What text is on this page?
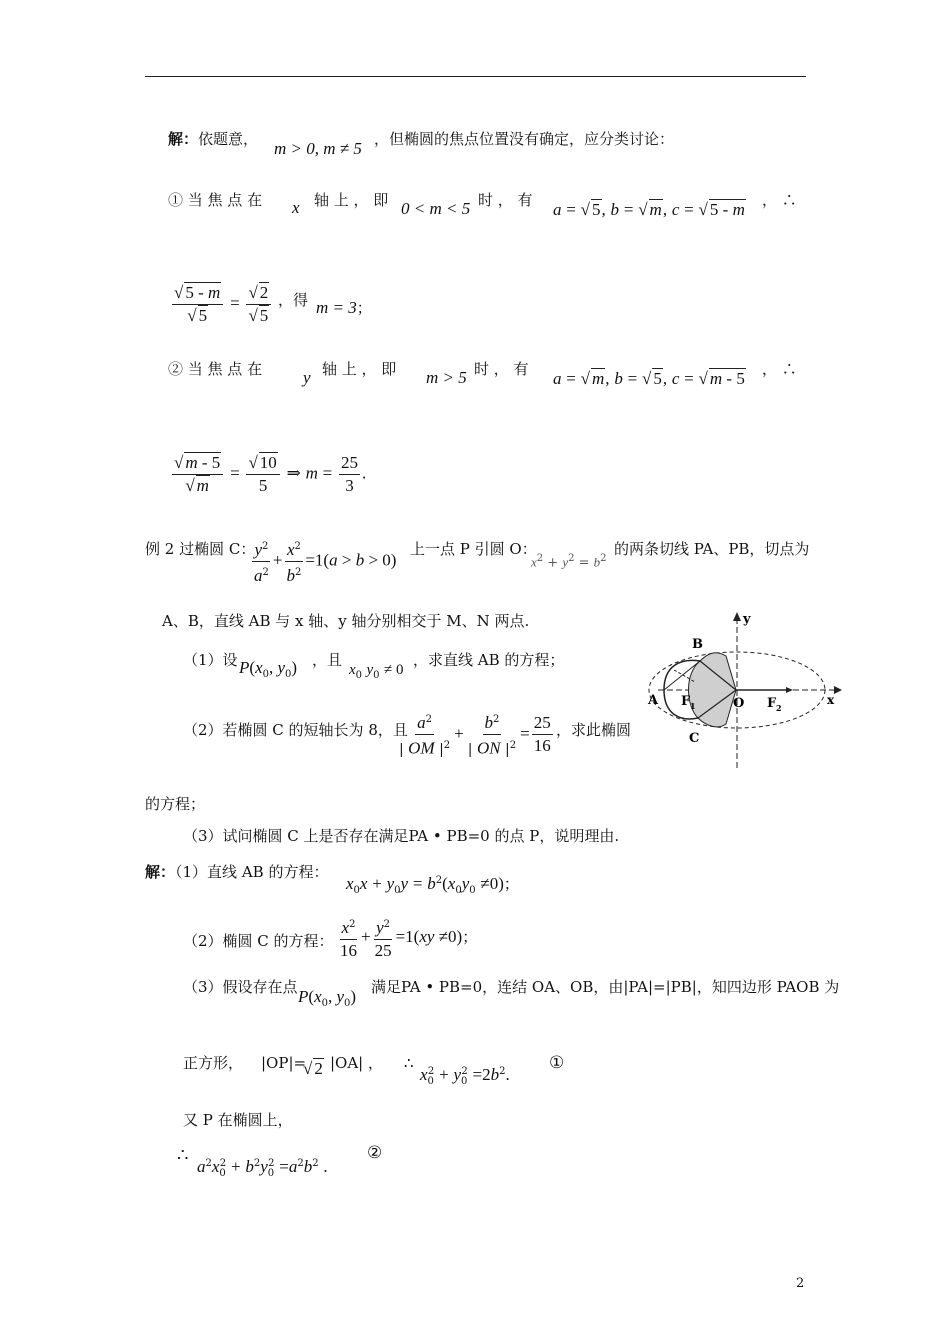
解：依题意， m > 0, m ≠ 5 ，但椭圆的焦点位置没有确定，应分类讨论：
① 当 焦 点 在 x 轴 上 ， 即 0 < m < 5 时 ， 有 a = √ 5, b = √ m, c = √ 5 - m ， ∴
$\frac{√ 5 - m}{√ 5} = \frac{√ 2}{√ 5}$ ，得 m = 3；
② 当 焦 点 在 y 轴 上 ， 即 m > 5 时 ， 有 a = √ m, b = √ 5, c = √ m - 5 ， ∴
$\frac{√ m - 5}{√ m} = \frac{√ 10}{5}$ ⇒ $m = \frac{25}{3}$ .
例 2 过椭圆 C：
$\frac{y^2}{a^2} + \frac{x^2}{b^2} =1(a > b > 0)$
上一点 P 引圆 O：
$x^2 + y^2 = b^2$
的两条切线 PA、PB，切点为
A、B，直线 AB 与 x 轴、y 轴分别相交于 M、N 两点.
（1）设 $P(x_0$, $y_0$) ，且
$x_0$ $y_0 \ne 0$
，求直线 AB 的方程；
（2）若椭圆 C 的短轴长为 8，且
$\frac{a^2}{| OM |^2} + \frac{b^2}{| ON |^2} = \frac{25}{16}$ ，求此椭圆
的方程；
（3）试问椭圆 C 上是否存在满足PA • PB=0 的点 P，说明理由.
解：（1）直线 AB 的方程：
$x_0x + y_0y = b^2(x_0y_0 \ne 0)$；
（2）椭圆 C 的方程： $\frac{x^2}{16} + \frac{y^2}{25} =1(xy \ne 0)$；
（3）假设存在点 $P(x_0$, $y_0$) 满足PA • PB=0，连结 OA、OB，由|PA|=|PB|，知四边形 PAOB 为
正方形， |OP|=
√ 2 |OA| ， ∴
$x_0^2 + y_0^2 =2b^2$.
①
又 P 在椭圆上，
∴
$a^2x_0^2 + b^2y_0^2 =a^2b^2$ .
②
y
x
B
A
C
O
F 1	F 2
2
